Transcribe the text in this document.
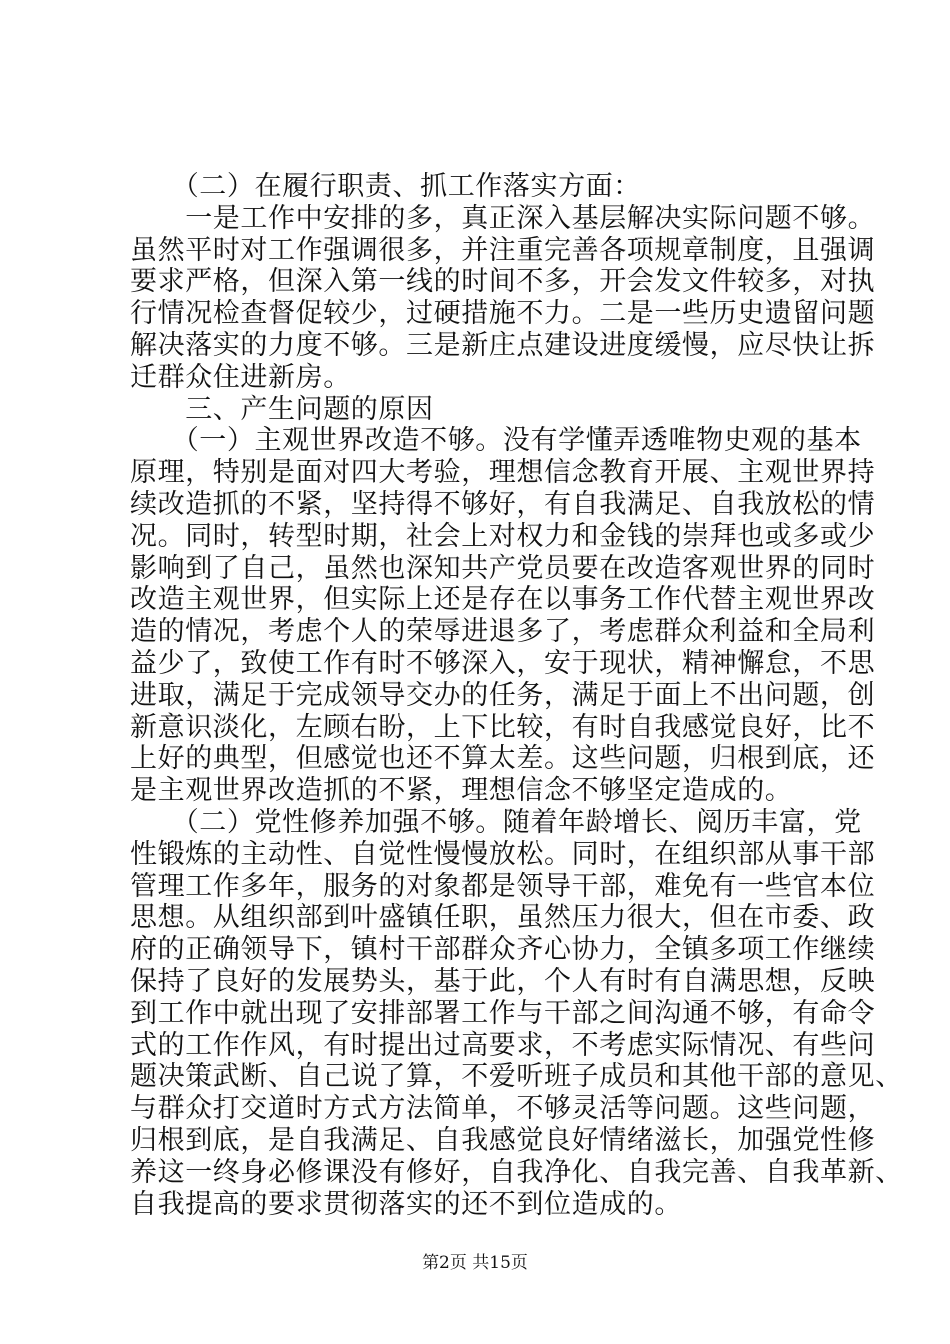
　　（二）在履行职责、抓工作落实方面：
　　一是工作中安排的多，真正深入基层解决实际问题不够。
虽然平时对工作强调很多，并注重完善各项规章制度，且强调
要求严格，但深入第一线的时间不多，开会发文件较多，对执
行情况检查督促较少，过硬措施不力。二是一些历史遗留问题
解决落实的力度不够。三是新庄点建设进度缓慢，应尽快让拆
迁群众住进新房。
　　三、产生问题的原因
　　（一）主观世界改造不够。没有学懂弄透唯物史观的基本
原理，特别是面对四大考验，理想信念教育开展、主观世界持
续改造抓的不紧，坚持得不够好，有自我满足、自我放松的情
况。同时，转型时期，社会上对权力和金钱的崇拜也或多或少
影响到了自己，虽然也深知共产党员要在改造客观世界的同时
改造主观世界，但实际上还是存在以事务工作代替主观世界改
造的情况，考虑个人的荣辱进退多了，考虑群众利益和全局利
益少了，致使工作有时不够深入，安于现状，精神懈怠，不思
进取，满足于完成领导交办的任务，满足于面上不出问题，创
新意识淡化，左顾右盼，上下比较，有时自我感觉良好，比不
上好的典型，但感觉也还不算太差。这些问题，归根到底，还
是主观世界改造抓的不紧，理想信念不够坚定造成的。
　　（二）党性修养加强不够。随着年龄增长、阅历丰富，党
性锻炼的主动性、自觉性慢慢放松。同时，在组织部从事干部
管理工作多年，服务的对象都是领导干部，难免有一些官本位
思想。从组织部到叶盛镇任职，虽然压力很大，但在市委、政
府的正确领导下，镇村干部群众齐心协力，全镇多项工作继续
保持了良好的发展势头，基于此，个人有时有自满思想，反映
到工作中就出现了安排部署工作与干部之间沟通不够，有命令
式的工作作风，有时提出过高要求，不考虑实际情况、有些问
题决策武断、自己说了算，不爱听班子成员和其他干部的意见、
与群众打交道时方式方法简单，不够灵活等问题。这些问题，
归根到底，是自我满足、自我感觉良好情绪滋长，加强党性修
养这一终身必修课没有修好，自我净化、自我完善、自我革新、
自我提高的要求贯彻落实的还不到位造成的。
第2页 共15页
